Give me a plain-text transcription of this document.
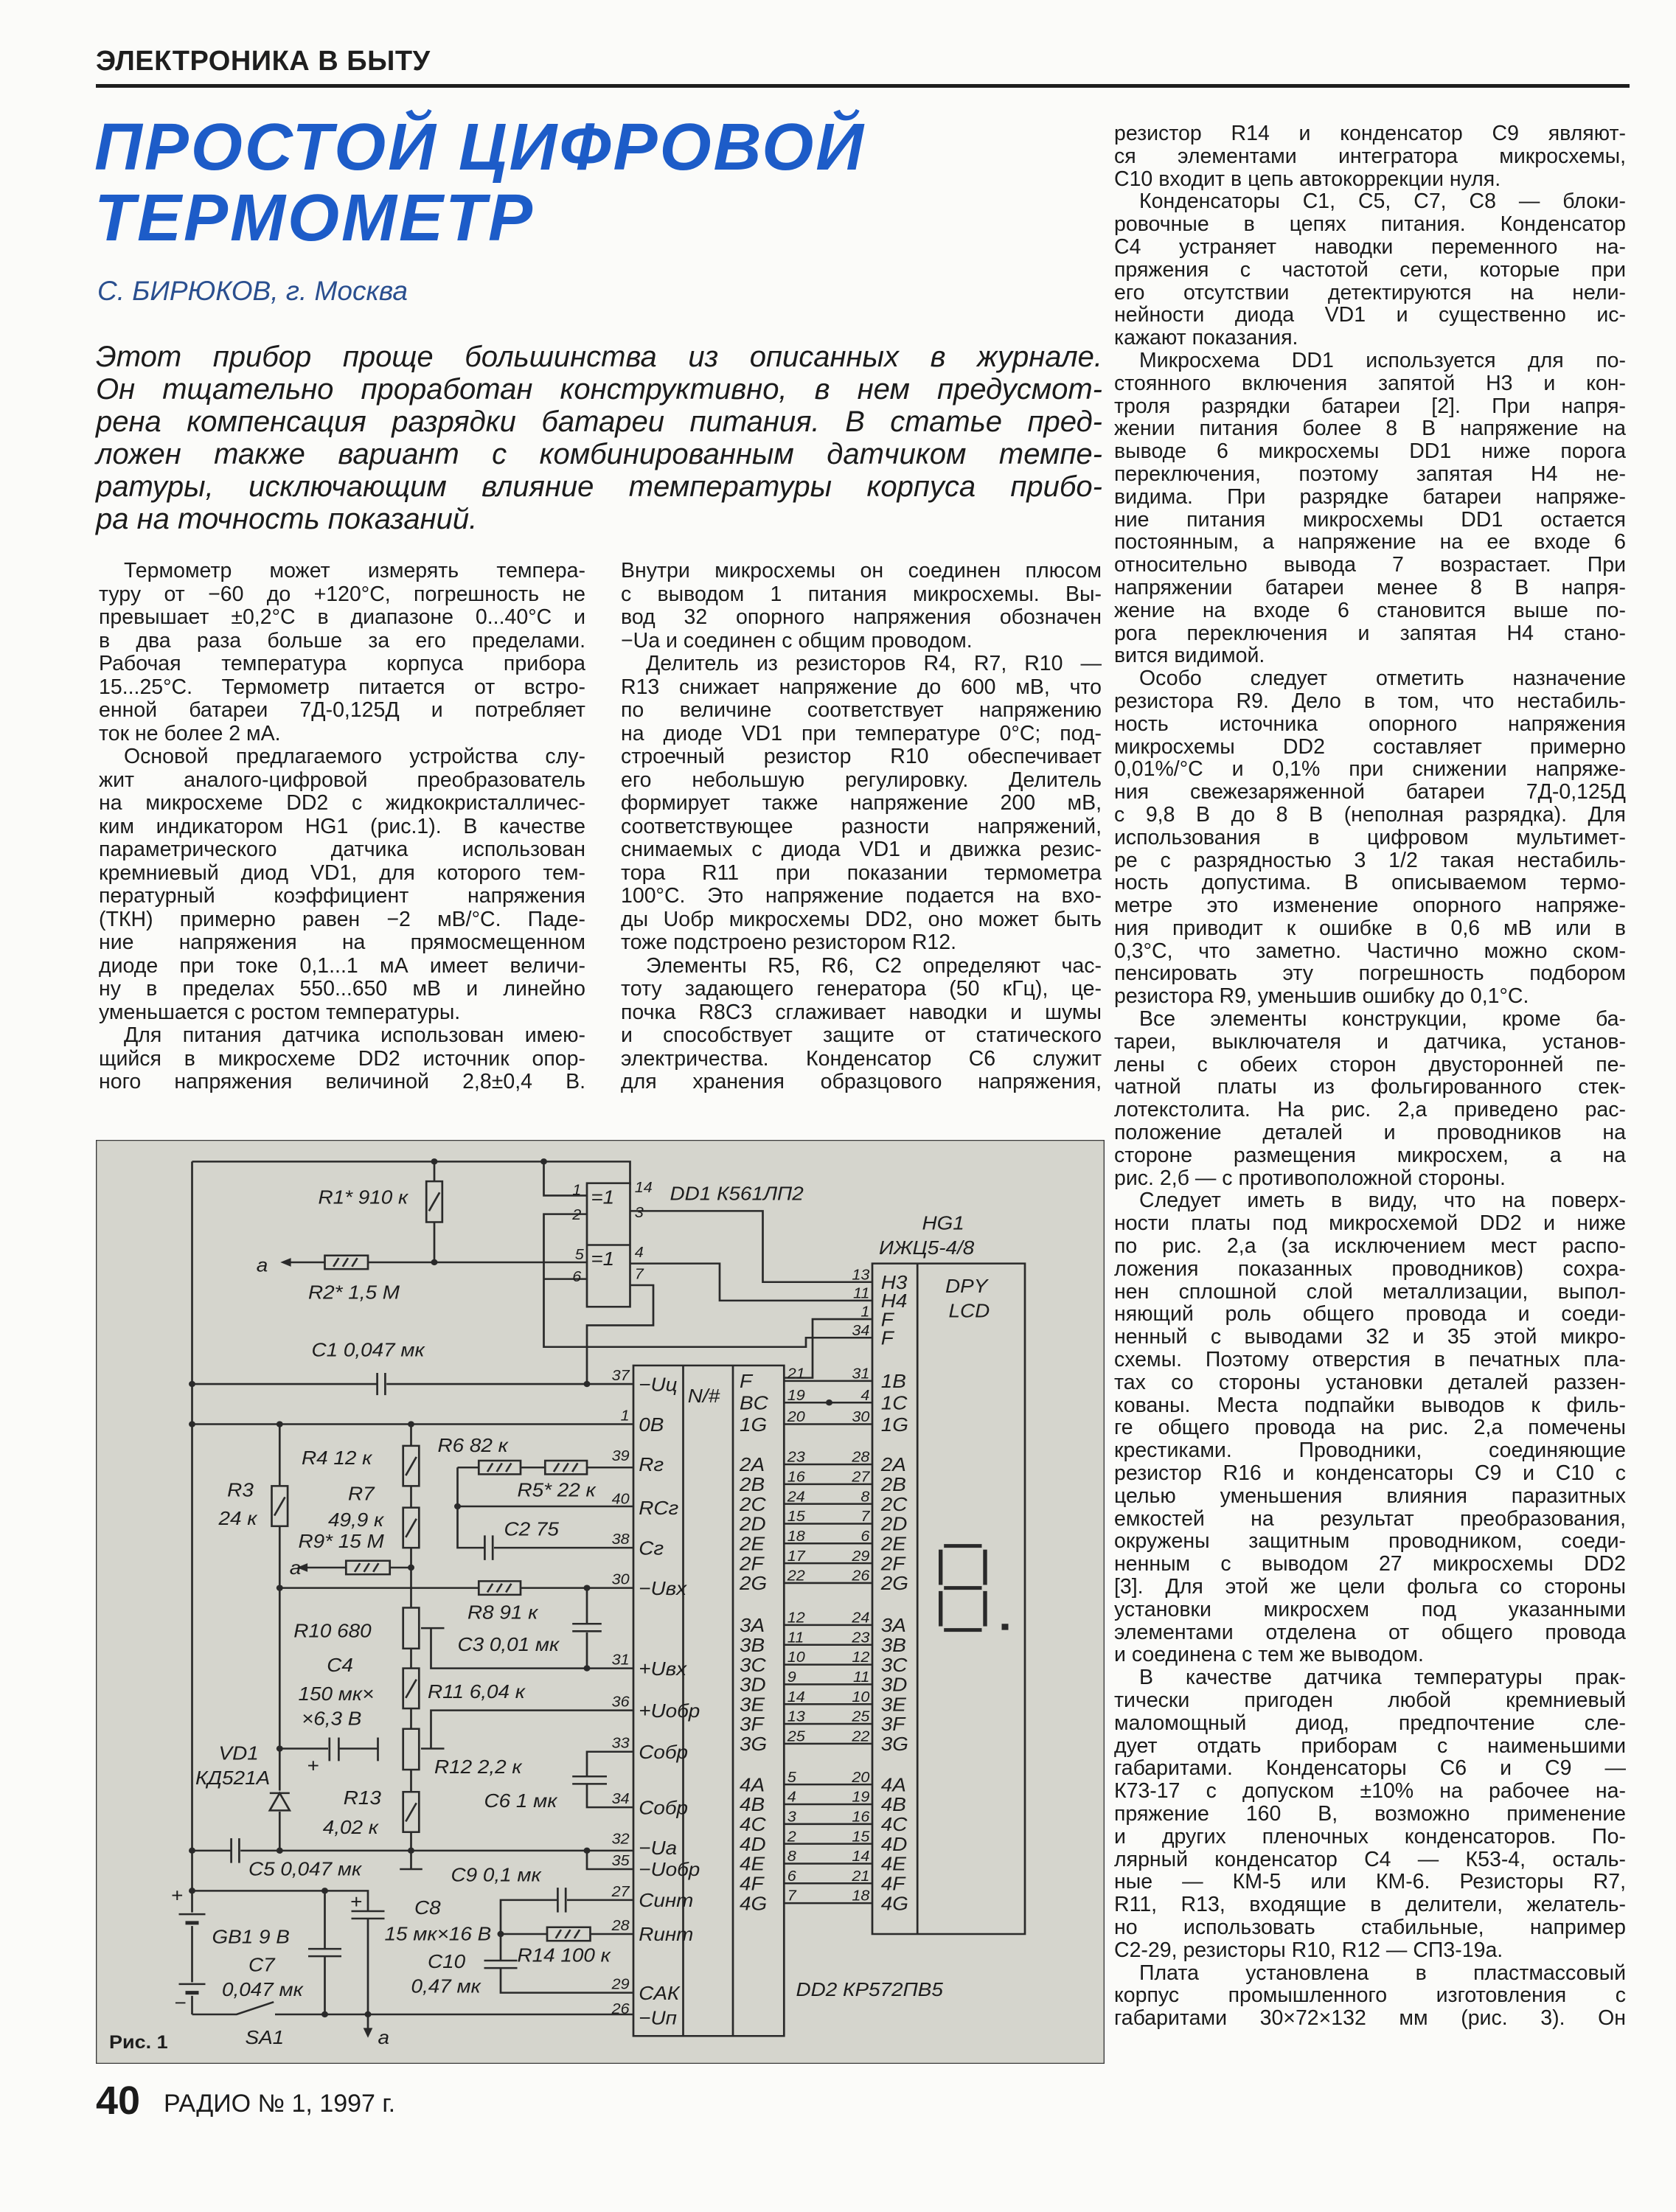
ЭЛЕКТРОНИКА В БЫТУ
ПРОСТОЙ ЦИФРОВОЙ
ТЕРМОМЕТР
С. БИРЮКОВ, г. Москва
Этот прибор проще большинства из описанных в журнале.
Он тщательно проработан конструктивно, в нем предусмот-
рена компенсация разрядки батареи питания. В статье пред-
ложен также вариант с комбинированным датчиком темпе-
ратуры, исключающим влияние температуры корпуса прибо-
ра на точность показаний.
Термометр может измерять темпера-
туру от −60 до +120°С, погрешность не
превышает ±0,2°С в диапазоне 0...40°С и
в два раза больше за его пределами.
Рабочая температура корпуса прибора
15...25°С. Термометр питается от встро-
енной батареи 7Д-0,125Д и потребляет
ток не более 2 мА.
Основой предлагаемого устройства слу-
жит аналого-цифровой преобразователь
на микросхеме DD2 с жидкокристалличес-
ким индикатором HG1 (рис.1). В качестве
параметрического датчика использован
кремниевый диод VD1, для которого тем-
пературный коэффициент напряжения
(ТКН) примерно равен −2 мВ/°С. Паде-
ние напряжения на прямосмещенном
диоде при токе 0,1...1 мА имеет величи-
ну в пределах 550...650 мВ и линейно
уменьшается с ростом температуры.
Для питания датчика использован имею-
щийся в микросхеме DD2 источник опор-
ного напряжения величиной 2,8±0,4 В.
Внутри микросхемы он соединен плюсом
с выводом 1 питания микросхемы. Вы-
вод 32 опорного напряжения обозначен
−Uа и соединен с общим проводом.
Делитель из резисторов R4, R7, R10 —
R13 снижает напряжение до 600 мВ, что
по величине соответствует напряжению
на диоде VD1 при температуре 0°С; под-
строечный резистор R10 обеспечивает
его небольшую регулировку. Делитель
формирует также напряжение 200 мВ,
соответствующее разности напряжений,
снимаемых с диода VD1 и движка резис-
тора R11 при показании термометра
100°С. Это напряжение подается на вхо-
ды Uобр микросхемы DD2, оно может быть
тоже подстроено резистором R12.
Элементы R5, R6, C2 определяют час-
тоту задающего генератора (50 кГц), це-
почка R8C3 сглаживает наводки и шумы
и способствует защите от статического
электричества. Конденсатор C6 служит
для хранения образцового напряжения,
резистор R14 и конденсатор C9 являют-
ся элементами интегратора микросхемы,
C10 входит в цепь автокоррекции нуля.
Конденсаторы C1, C5, C7, C8 — блоки-
ровочные в цепях питания. Конденсатор
C4 устраняет наводки переменного на-
пряжения с частотой сети, которые при
его отсутствии детектируются на нели-
нейности диода VD1 и существенно ис-
кажают показания.
Микросхема DD1 используется для по-
стоянного включения запятой H3 и кон-
троля разрядки батареи [2]. При напря-
жении питания более 8 В напряжение на
выводе 6 микросхемы DD1 ниже порога
переключения, поэтому запятая H4 не-
видима. При разрядке батареи напряже-
ние питания микросхемы DD1 остается
постоянным, а напряжение на ее входе 6
относительно вывода 7 возрастает. При
напряжении батареи менее 8 В напря-
жение на входе 6 становится выше по-
рога переключения и запятая H4 стано-
вится видимой.
Особо следует отметить назначение
резистора R9. Дело в том, что нестабиль-
ность источника опорного напряжения
микросхемы DD2 составляет примерно
0,01%/°С и 0,1% при снижении напряже-
ния свежезаряженной батареи 7Д-0,125Д
с 9,8 В до 8 В (неполная разрядка). Для
использования в цифровом мультимет-
ре с разрядностью 3 1/2 такая нестабиль-
ность допустима. В описываемом термо-
метре это изменение опорного напряже-
ния приводит к ошибке в 0,6 мВ или в
0,3°С, что заметно. Частично можно ском-
пенсировать эту погрешность подбором
резистора R9, уменьшив ошибку до 0,1°С.
Все элементы конструкции, кроме ба-
тареи, выключателя и датчика, установ-
лены с обеих сторон двусторонней пе-
чатной платы из фольгированного стек-
лотекстолита. На рис. 2,а приведено рас-
положение деталей и проводников на
стороне размещения микросхем, а на
рис. 2,б — с противоположной стороны.
Следует иметь в виду, что на поверх-
ности платы под микросхемой DD2 и ниже
по рис. 2,а (за исключением мест распо-
ложения показанных проводников) сохра-
нен сплошной слой металлизации, выпол-
няющий роль общего провода и соеди-
ненный с выводами 32 и 35 этой микро-
схемы. Поэтому отверстия в печатных пла-
тах со стороны установки деталей раззен-
кованы. Места подпайки выводов к филь-
ге общего провода на рис. 2,а помечены
крестиками. Проводники, соединяющие
резистор R16 и конденсаторы C9 и C10 с
целью уменьшения влияния паразитных
емкостей на результат преобразования,
окружены защитным проводником, соеди-
ненным с выводом 27 микросхемы DD2
[3]. Для этой же цели фольга со стороны
установки микросхем под указанными
элементами отделена от общего провода
и соединена с тем же выводом.
В качестве датчика температуры прак-
тически пригоден любой кремниевый
маломощный диод, предпочтение сле-
дует отдать приборам с наименьшими
габаритами. Конденсаторы C6 и C9 —
К73-17 с допуском ±10% на рабочее на-
пряжение 160 В, возможно применение
и других пленочных конденсаторов. По-
лярный конденсатор C4 — К53-4, осталь-
ные — КМ-5 или КМ-6. Резисторы R7,
R11, R13, входящие в делители, желатель-
но использовать стабильные, например
C2-29, резисторы R10, R12 — СП3-19а.
Плата установлена в пластмассовый
корпус промышленного изготовления с
габаритами 30×72×132 мм (рис. 3). Он
=1
=1
1
2
14
3
5
6
4
7
−Uц
37
0В
1
Rг
39
RCг
40
Cг
38
−Uвх
30
+Uвх
31
+Uобр
36
Cобр
33
Cобр
34
−Ua
32
−Uобр
35
Cинт
27
Rинт
28
CАК
29
−Uп
26
H3
13
H4
11
F
1
F
34
1B
31
F 21
1C
4
BC 19
1G
30
1G 20
2A
28
2A 23
2B
27
2B 16
2C
8
2C 24
2D
7
2D 15
2E
6
2E 18
2F
29
2F 17
2G
26
2G 22
3A
24
3A 12
3B
23
3B 11
3C
12
3C 10
3D
11
3D 9
3E
10
3E 14
3F
25
3F 13
3G
22
3G 25
4A
20
4A 5
4B
19
4B 4
4C
16
4C 3
4D
15
4D 2
4E
14
4E 8
4F
21
4F 6
4G
18
4G 7
R1* 910 к
R2* 1,5 М
a
C1 0,047 мк
R4 12 к
R6 82 к
R5* 22 к
R3
24 к
R7
49,9 к
R9* 15 М
a
C2 75
R8 91 к
R10 680
C3 0,01 мк
C4
150 мк×
×6,3 В
R11 6,04 к
VD1
КД521А
R12 2,2 к
R13
4,02 к
C6 1 мк
C5 0,047 мк	C9 0,1 мк
C8
15 мк×16 В
GB1 9 В
C10
0,47 мк
R14 100 к
C7
0,047 мк
SA1	a
+
−
+
+
DD1 К561ЛП2
DD2 КР572ПВ5
HG1
ИЖЦ5-4/8
DPY
LCD
N/#
Рис. 1
40 РАДИО № 1, 1997 г.
